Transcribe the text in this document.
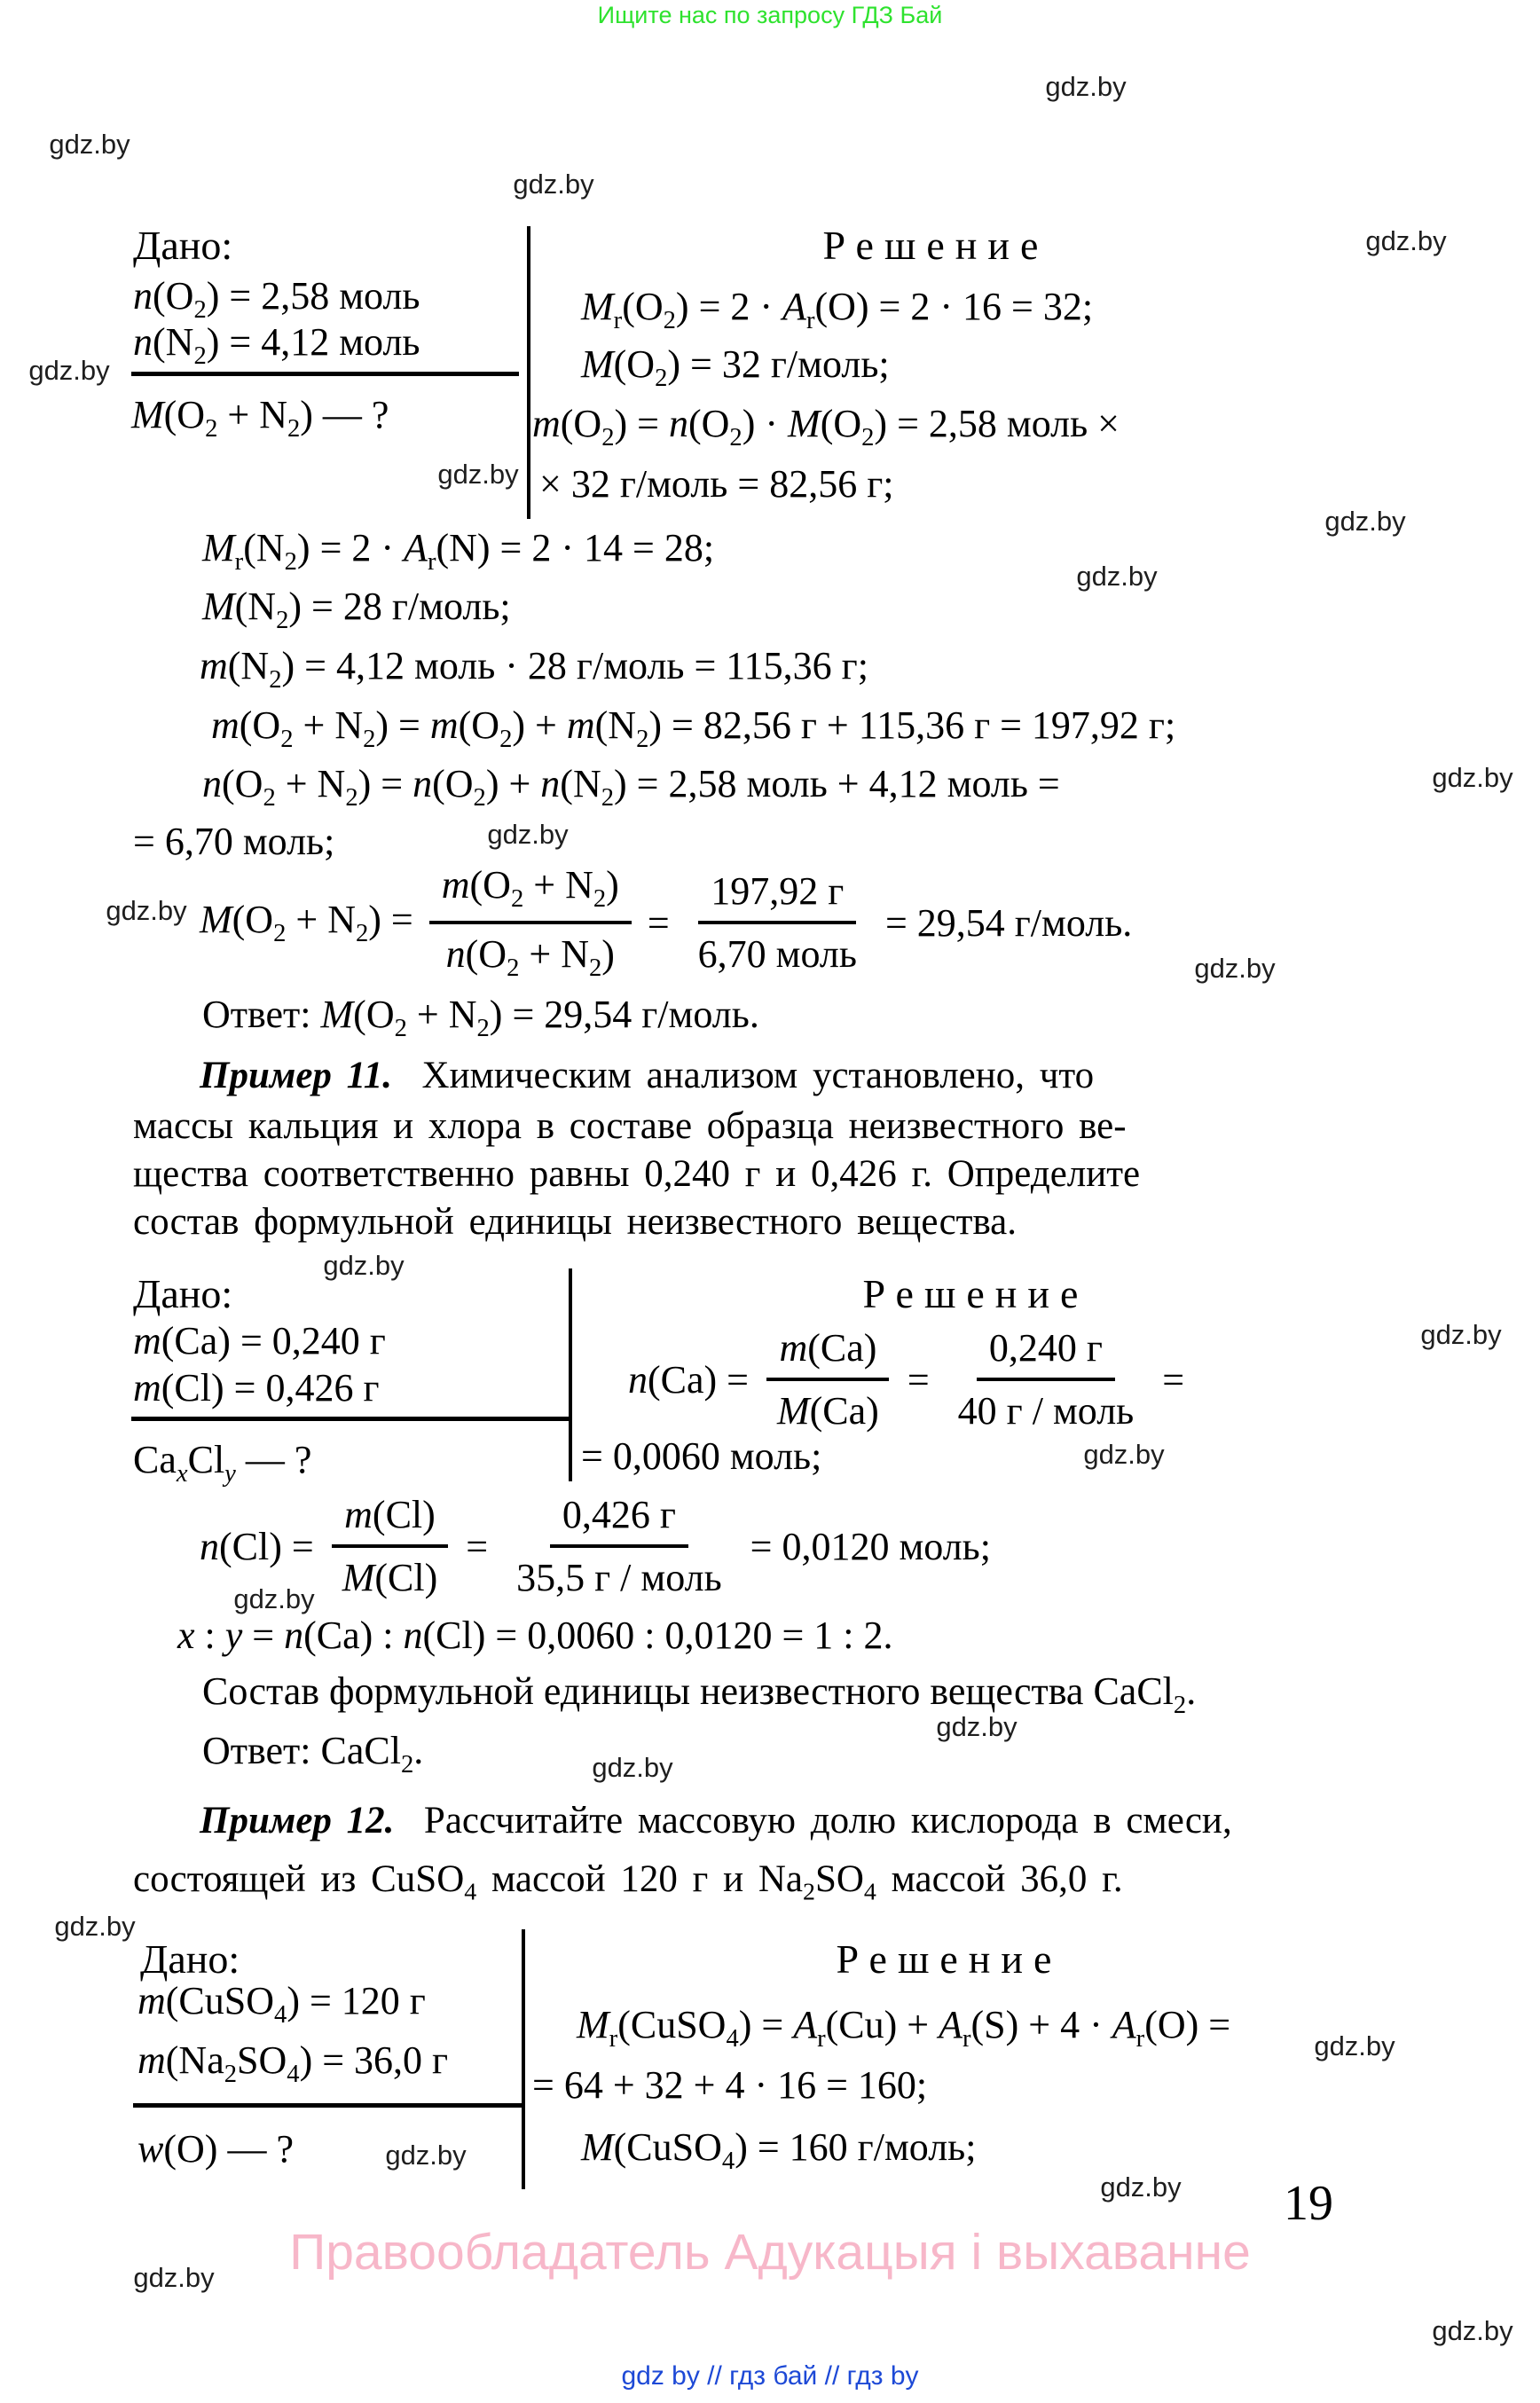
Ищите нас по запросу ГДЗ Бай
Дано:	Решение
$n(O_2) = 2,58$ моль
$n(N_2) = 4,12$ моль
$M(O_2 + N_2)$ — ?
$M_r(O_2) = 2 \cdot A_r(O) = 2 \cdot 16 = 32$;
$M(O_2) = 32$ г/моль;
$m(O_2) = n(O_2) \cdot M(O_2) = 2,58$ моль ×
× 32 г/моль = 82,56 г;
$M_r(N_2) = 2 \cdot A_r(N) = 2 \cdot 14 = 28$;
$M(N_2) = 28$ г/моль;
$m(N_2) = 4,12$ моль · 28 г/моль = 115,36 г;
$m(O_2 + N_2) = m(O_2) + m(N_2) = 82,56$ г + 115,36 г = 197,92 г;
$n(O_2 + N_2) = n(O_2) + n(N_2) = 2,58$ моль + 4,12 моль =
= 6,70 моль;
$M(O_2 + N_2) = \frac{m(O_2 + N_2)}{n(O_2 + N_2)} = \frac{197,92 г}{\text{6,70 моль}} = 29,54$ г/моль.
Ответ: $M(O_2 + N_2) = 29,54$ г/моль.
Пример 11. Химическим анализом установлено, что
массы кальция и хлора в составе образца неизвестного ве-
щества соответственно равны 0,240 г и 0,426 г. Определите
состав формульной единицы неизвестного вещества.
Дано:	Решение
m(Ca) = 0,240 г
m(Cl) = 0,426 г
$Ca_xCl_y$ — ?
$n(Ca) = \frac{m(Ca)}{M(Ca)} = \frac{0,240 г}{\text{40 г / моль}}$ =
= 0,0060 моль;
$n(Cl) = \frac{m(Cl)}{M(Cl)} = \frac{0,426 г}{\text{35,5 г / моль}} = 0,0120$ моль;
x : y = n(Ca) : n(Cl) = 0,0060 : 0,0120 = 1 : 2.
Состав формульной единицы неизвестного вещества CaCl$_2$.
Ответ: CaCl$_2$.
Пример 12. Рассчитайте массовую долю кислорода в смеси,
состоящей из CuSO$_4$ массой 120 г и $Na_2SO_4$ массой 36,0 г.
Дано:	Решение
m(CuSO$_4$) = 120 г
$m(Na_2SO_4) = 36,0$ г
w(O) — ?
$M_r(CuSO_4) = A_r(Cu) + A_r(S) + 4 \cdot A_r(O)$ =
= 64 + 32 + 4 · 16 = 160;
M(CuSO$_4$) = 160 г/моль;
19
Правообладатель Адукацыя і выхаванне
gdz by // гдз бай // гдз by
gdz.by
gdz.by
gdz.by
gdz.by
gdz.by
gdz.by
gdz.by
gdz.by
gdz.by
gdz.by
gdz.by
gdz.by
gdz.by
gdz.by
gdz.by
gdz.by
gdz.by
gdz.by
gdz.by
gdz.by
gdz.by
gdz.by
gdz.by
gdz.by
